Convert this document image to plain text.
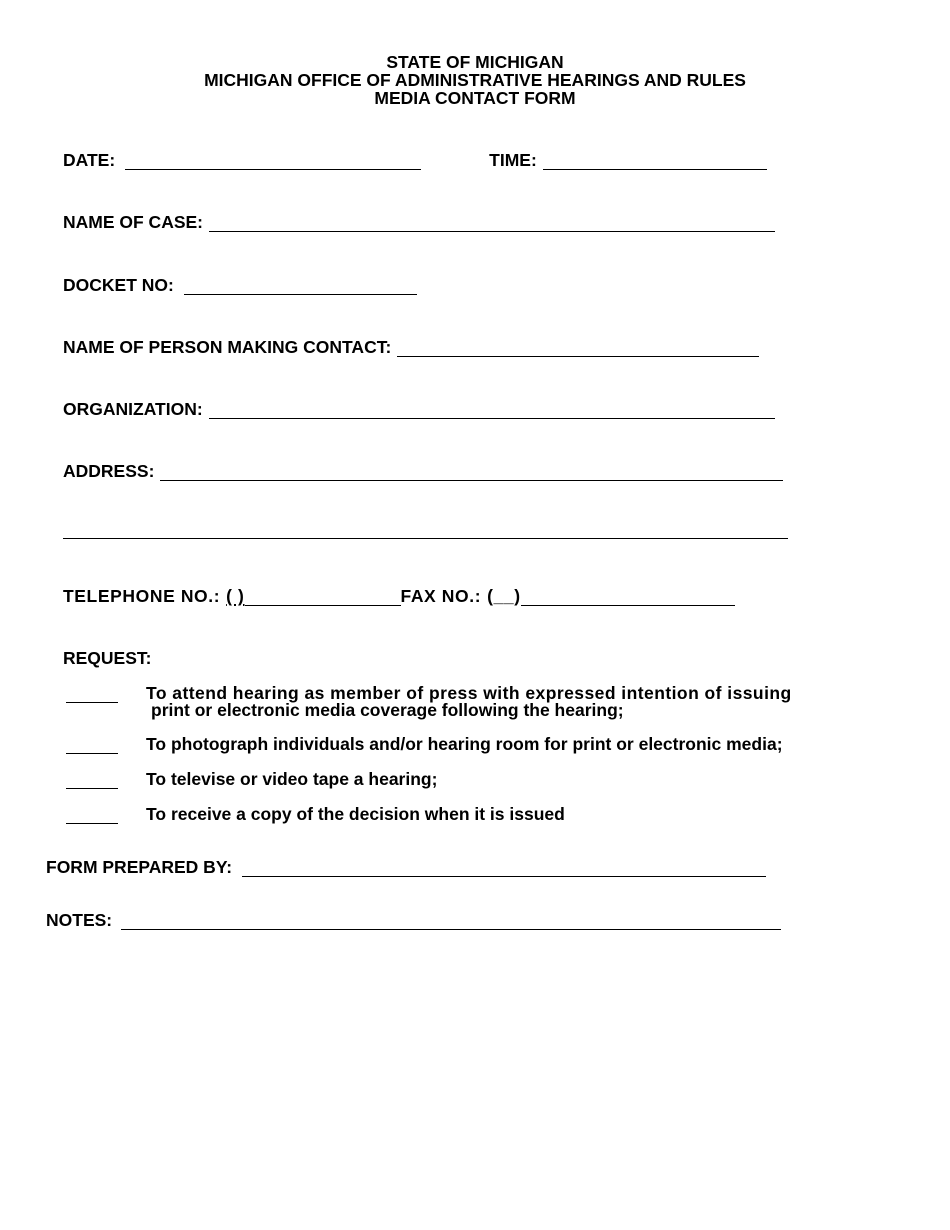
STATE OF MICHIGAN
MICHIGAN OFFICE OF ADMINISTRATIVE HEARINGS AND RULES
MEDIA CONTACT FORM
DATE:	TIME:
NAME OF CASE:
DOCKET NO:
NAME OF PERSON MAKING CONTACT:
ORGANIZATION:
ADDRESS:
TELEPHONE NO.: ( )	FAX NO.: (__)
REQUEST:
To attend hearing as member of press with expressed intention of issuing
print or electronic media coverage following the hearing;
To photograph individuals and/or hearing room for print or electronic media;
To televise or video tape a hearing;
To receive a copy of the decision when it is issued
FORM PREPARED BY:
NOTES:
